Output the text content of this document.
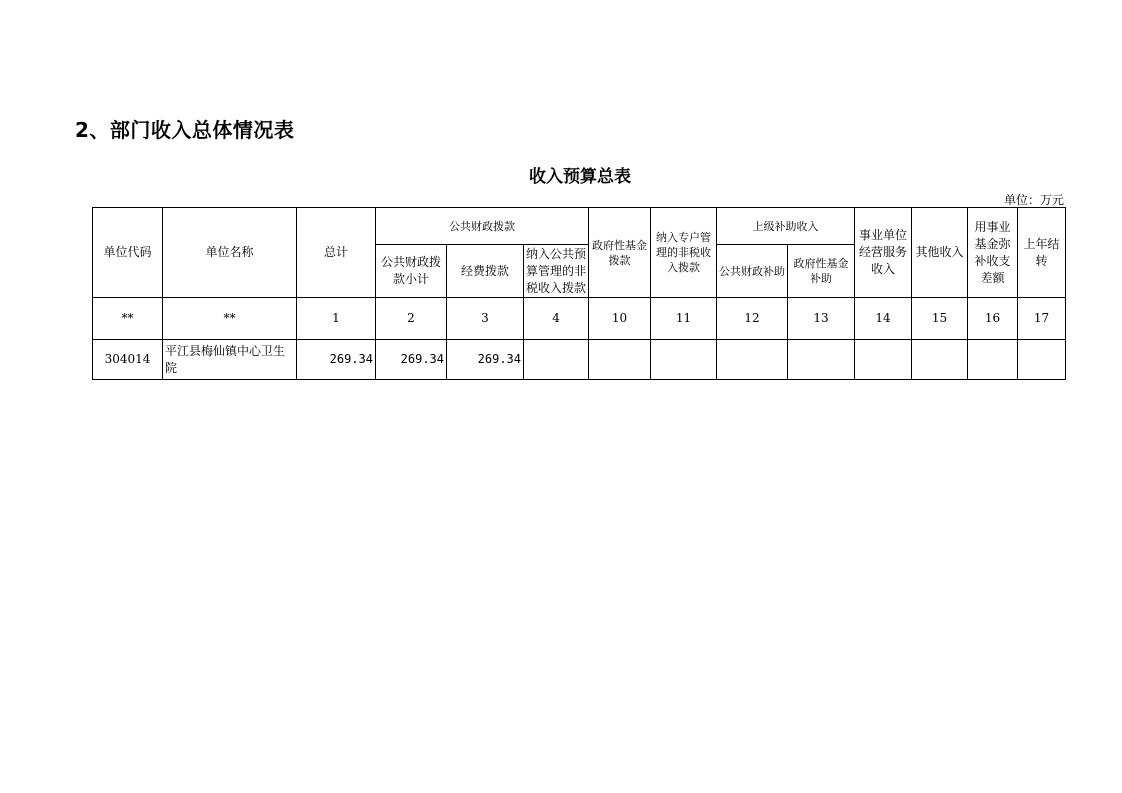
2、部门收入总体情况表
收入预算总表
单位：万元
单位代码	单位名称	总计	公共财政拨款			政府性基金拨款	纳入专户管理的非税收入拨款	上级补助收入		事业单位经营服务收入	其他收入	用事业基金弥补收支差额	上年结转
			公共财政拨款小计	经费拨款	纳入公共预算管理的非税收入拨款			公共财政补助	政府性基金补助				
**	**	1	2	3	4	10	11	12	13	14	15	16	17
304014	平江县梅仙镇中心卫生院	269.34	269.34	269.34									
